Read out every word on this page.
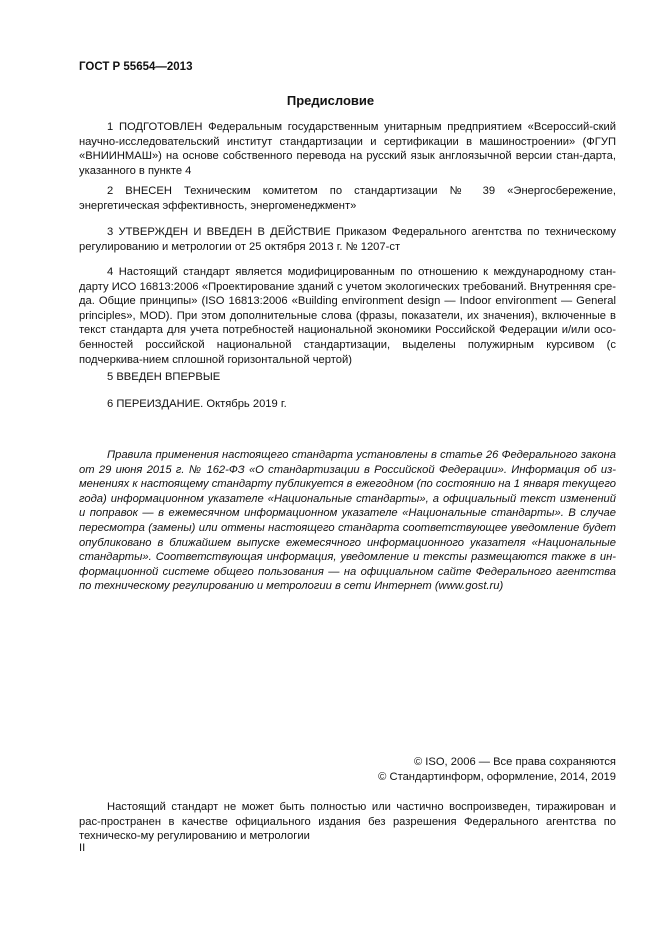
ГОСТ Р 55654—2013
Предисловие

1 ПОДГОТОВЛЕН Федеральным государственным унитарным предприятием «Всероссий-ский научно-исследовательский институт стандартизации и сертификации в машиностроении» (ФГУП «ВНИИНМАШ») на основе собственного перевода на русский язык англоязычной версии стан-дарта, указанного в пункте 4

2 ВНЕСЕН Техническим комитетом по стандартизации № 39 «Энергосбережение, энергетическая эффективность, энергоменеджмент»

3 УТВЕРЖДЕН И ВВЕДЕН В ДЕЙСТВИЕ Приказом Федерального агентства по техническому регулированию и метрологии от 25 октября 2013 г. № 1207-ст

4 Настоящий стандарт является модифицированным по отношению к международному стан-дарту ИСО 16813:2006 «Проектирование зданий с учетом экологических требований. Внутренняя сре-да. Общие принципы» (ISO 16813:2006 «Building environment design — Indoor environment — General principles», MOD). При этом дополнительные слова (фразы, показатели, их значения), включенные в текст стандарта для учета потребностей национальной экономики Российской Федерации и/или осо-бенностей российской национальной стандартизации, выделены полужирным курсивом (с подчеркива-нием сплошной горизонтальной чертой)

5 ВВЕДЕН ВПЕРВЫЕ

6 ПЕРЕИЗДАНИЕ. Октябрь 2019 г.

Правила применения настоящего стандарта установлены в статье 26 Федерального закона от 29 июня 2015 г. № 162-ФЗ «О стандартизации в Российской Федерации». Информация об из-менениях к настоящему стандарту публикуется в ежегодном (по состоянию на 1 января текущего года) информационном указателе «Национальные стандарты», а официальный текст изменений и поправок — в ежемесячном информационном указателе «Национальные стандарты». В случае пересмотра (замены) или отмены настоящего стандарта соответствующее уведомление будет опубликовано в ближайшем выпуске ежемесячного информационного указателя «Национальные стандарты». Соответствующая информация, уведомление и тексты размещаются также в ин-формационной системе общего пользования — на официальном сайте Федерального агентства по техническому регулированию и метрологии в сети Интернет (www.gost.ru)

© ISO, 2006 — Все права сохраняются
© Стандартинформ, оформление, 2014, 2019

Настоящий стандарт не может быть полностью или частично воспроизведен, тиражирован и рас-пространен в качестве официального издания без разрешения Федерального агентства по техническо-му регулированию и метрологии

II
